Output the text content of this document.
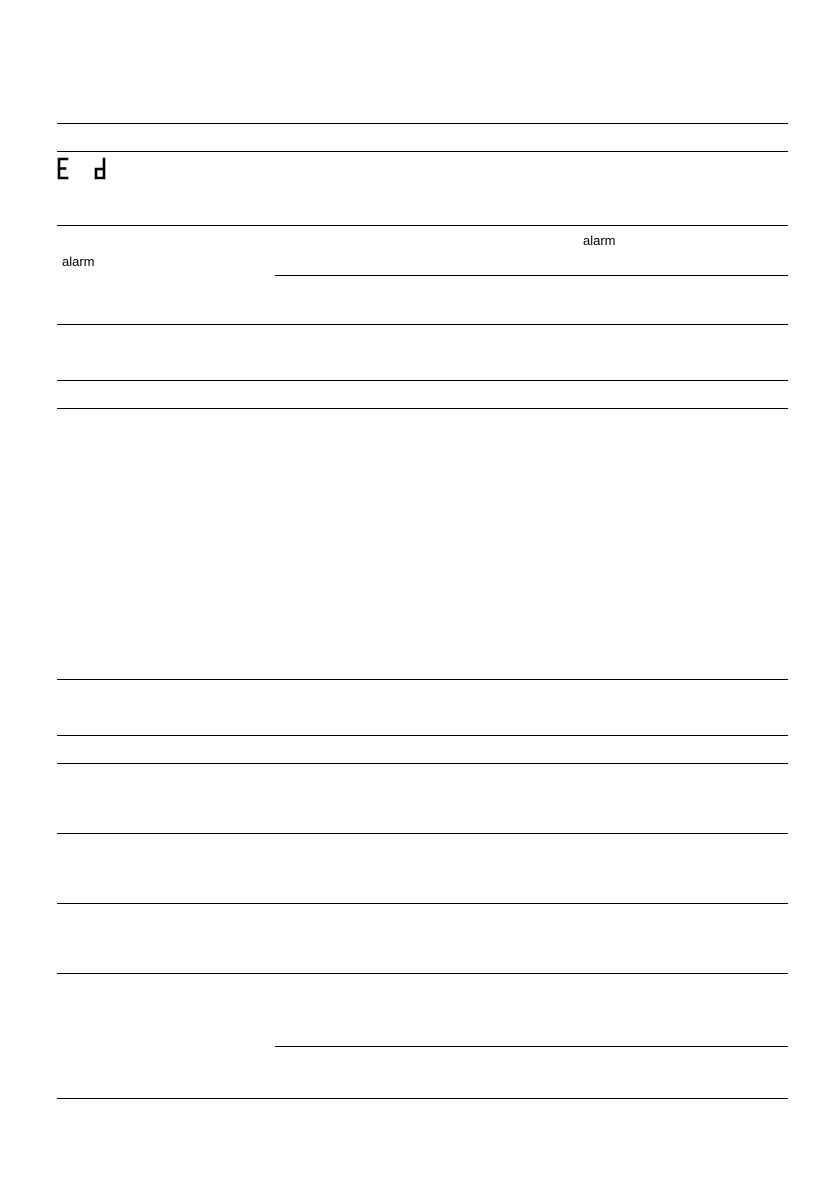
alarm
alarm
